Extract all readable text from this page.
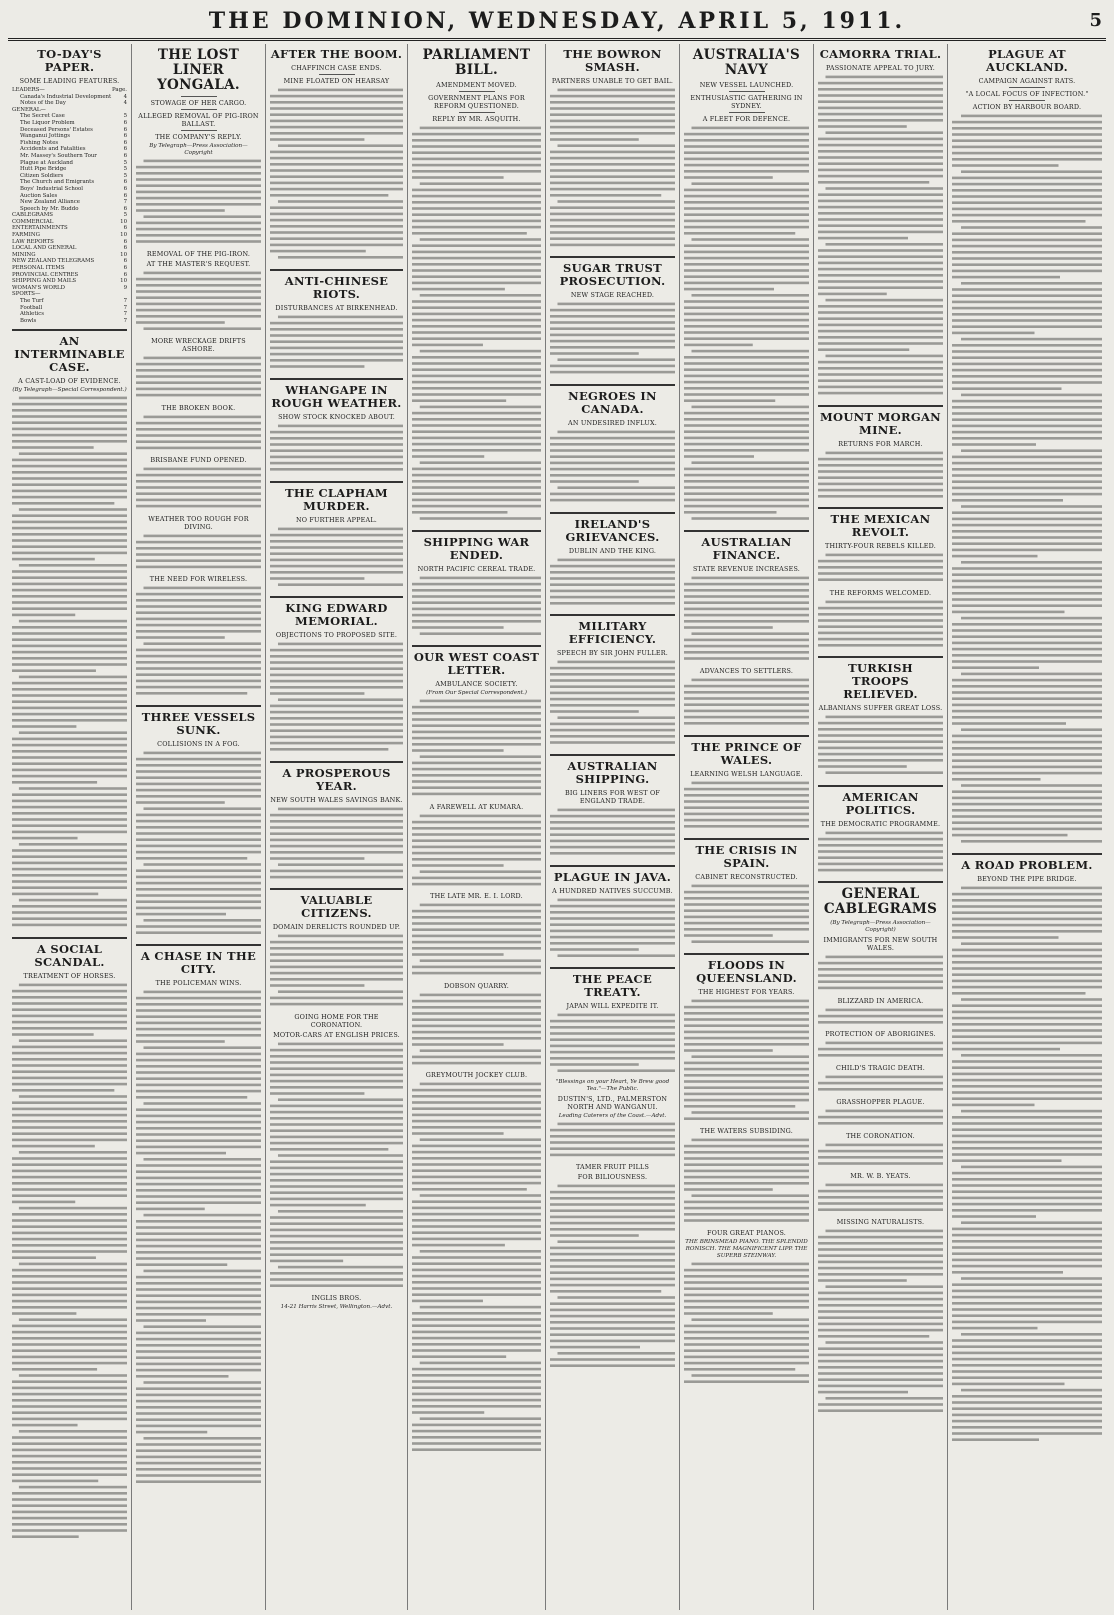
THE DOMINION, WEDNESDAY, APRIL 5, 1911.	5
TO-DAY'S PAPER.
SOME LEADING FEATURES.
LEADERS—	Page.
Canada's Industrial Development 4
Notes of the Day	4
GENERAL—
The Secret Case	5
The Liquor Problem	6
Deceased Persons' Estates	6
Wanganui Jottings	6
Fishing Notes	6
Accidents and Fatalities	6
Mr. Massey's Southern Tour	6
Plague at Auckland	5
Hutt Pipe Bridge	5
Citizen Soldiers	5
The Church and Emigrants	6
Boys' Industrial School	6
Auction Sales	6
New Zealand Alliance	7
Speech by Mr. Buddo	6
CABLEGRAMS	5
COMMERCIAL	10
ENTERTAINMENTS	6
FARMING	10
LAW REPORTS	6
LOCAL AND GENERAL	6
MINING	10
NEW ZEALAND TELEGRAMS	6
PERSONAL ITEMS	6
PROVINCIAL CENTRES	6
SHIPPING AND MAILS	10
WOMAN'S WORLD	9
SPORTS—
The Turf	7
Football	7
Athletics	7
Bowls	7
AN INTERMINABLE CASE.
A CAST-LOAD OF EVIDENCE.
(By Telegraph—Special Correspondent.)
A SOCIAL SCANDAL.
TREATMENT OF HORSES.
THE LOST LINER YONGALA.
STOWAGE OF HER CARGO.
ALLEGED REMOVAL OF PIG-IRON BALLAST.
THE COMPANY'S REPLY.
By Telegraph—Press Association—Copyright
REMOVAL OF THE PIG-IRON.
AT THE MASTER'S REQUEST.
MORE WRECKAGE DRIFTS ASHORE.
THE BROKEN BOOK.
BRISBANE FUND OPENED.
WEATHER TOO ROUGH FOR DIVING.
THE NEED FOR WIRELESS.
THREE VESSELS SUNK.
COLLISIONS IN A FOG.
A CHASE IN THE CITY.
THE POLICEMAN WINS.
AFTER THE BOOM.
CHAFFINCH CASE ENDS.
MINE FLOATED ON HEARSAY
ANTI-CHINESE RIOTS.
DISTURBANCES AT BIRKENHEAD.
WHANGAPE IN ROUGH WEATHER.
SHOW STOCK KNOCKED ABOUT.
THE CLAPHAM MURDER.
NO FURTHER APPEAL.
KING EDWARD MEMORIAL.
OBJECTIONS TO PROPOSED SITE.
A PROSPEROUS YEAR.
NEW SOUTH WALES SAVINGS BANK.
VALUABLE CITIZENS.
DOMAIN DERELICTS ROUNDED UP.
GOING HOME FOR THE CORONATION.
MOTOR-CARS AT ENGLISH PRICES.
INGLIS BROS.
14-21 Harris Street, Wellington.—Advt.
PARLIAMENT BILL.
AMENDMENT MOVED.
GOVERNMENT PLANS FOR REFORM QUESTIONED.
REPLY BY MR. ASQUITH.
SHIPPING WAR ENDED.
NORTH PACIFIC CEREAL TRADE.
OUR WEST COAST LETTER.
AMBULANCE SOCIETY.
(From Our Special Correspondent.)
A FAREWELL AT KUMARA.
THE LATE MR. E. I. LORD.
DOBSON QUARRY.
GREYMOUTH JOCKEY CLUB.
THE BOWRON SMASH.
PARTNERS UNABLE TO GET BAIL.
SUGAR TRUST PROSECUTION.
NEW STAGE REACHED.
NEGROES IN CANADA.
AN UNDESIRED INFLUX.
IRELAND'S GRIEVANCES.
DUBLIN AND THE KING.
MILITARY EFFICIENCY.
SPEECH BY SIR JOHN FULLER.
AUSTRALIAN SHIPPING.
BIG LINERS FOR WEST OF ENGLAND TRADE.
PLAGUE IN JAVA.
A HUNDRED NATIVES SUCCUMB.
THE PEACE TREATY.
JAPAN WILL EXPEDITE IT.
"Blessings on your Heart, Ye Brew good Tea."—The Public.
DUSTIN'S, LTD., PALMERSTON NORTH AND WANGANUI.
Leading Caterers of the Coast.—Advt.
TAMER FRUIT PILLS
FOR BILIOUSNESS.
AUSTRALIA'S NAVY
NEW VESSEL LAUNCHED.
ENTHUSIASTIC GATHERING IN SYDNEY.
A FLEET FOR DEFENCE.
AUSTRALIAN FINANCE.
STATE REVENUE INCREASES.
ADVANCES TO SETTLERS.
THE PRINCE OF WALES.
LEARNING WELSH LANGUAGE.
THE CRISIS IN SPAIN.
CABINET RECONSTRUCTED.
FLOODS IN QUEENSLAND.
THE HIGHEST FOR YEARS.
THE WATERS SUBSIDING.
FOUR GREAT PIANOS.
THE BRINSMEAD PIANO. THE SPLENDID RONISCH. THE MAGNIFICENT LIPP. THE SUPERB STEINWAY.
CAMORRA TRIAL.
PASSIONATE APPEAL TO JURY.
MOUNT MORGAN MINE.
RETURNS FOR MARCH.
THE MEXICAN REVOLT.
THIRTY-FOUR REBELS KILLED.
THE REFORMS WELCOMED.
TURKISH TROOPS RELIEVED.
ALBANIANS SUFFER GREAT LOSS.
AMERICAN POLITICS.
THE DEMOCRATIC PROGRAMME.
GENERAL CABLEGRAMS
(By Telegraph—Press Association—Copyright)
IMMIGRANTS FOR NEW SOUTH WALES.
BLIZZARD IN AMERICA.
PROTECTION OF ABORIGINES.
CHILD'S TRAGIC DEATH.
GRASSHOPPER PLAGUE.
THE CORONATION.
MR. W. B. YEATS.
MISSING NATURALISTS.
PLAGUE AT AUCKLAND.
CAMPAIGN AGAINST RATS.
"A LOCAL FOCUS OF INFECTION."
ACTION BY HARBOUR BOARD.
A ROAD PROBLEM.
BEYOND THE PIPE BRIDGE.
